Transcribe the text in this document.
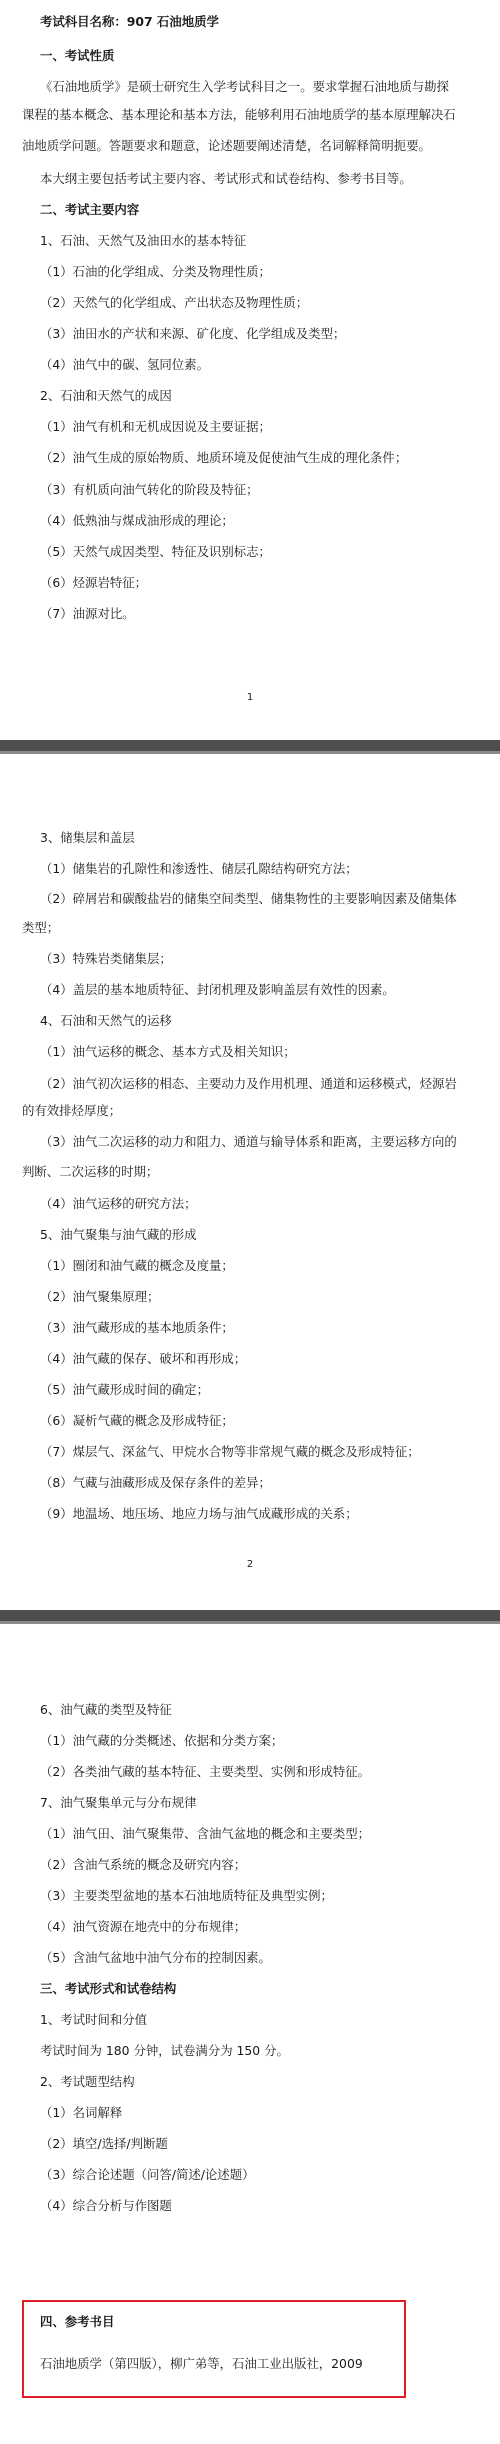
考试科目名称：907 石油地质学
一、考试性质
《石油地质学》是硕士研究生入学考试科目之一。要求掌握石油地质与勘探
课程的基本概念、基本理论和基本方法，能够利用石油地质学的基本原理解决石
油地质学问题。答题要求和题意，论述题要阐述清楚，名词解释简明扼要。
本大纲主要包括考试主要内容、考试形式和试卷结构、参考书目等。
二、考试主要内容
1、石油、天然气及油田水的基本特征
（1）石油的化学组成、分类及物理性质；
（2）天然气的化学组成、产出状态及物理性质；
（3）油田水的产状和来源、矿化度、化学组成及类型；
（4）油气中的碳、氢同位素。
2、石油和天然气的成因
（1）油气有机和无机成因说及主要证据；
（2）油气生成的原始物质、地质环境及促使油气生成的理化条件；
（3）有机质向油气转化的阶段及特征；
（4）低熟油与煤成油形成的理论；
（5）天然气成因类型、特征及识别标志；
（6）烃源岩特征；
（7）油源对比。
1
3、储集层和盖层
（1）储集岩的孔隙性和渗透性、储层孔隙结构研究方法；
（2）碎屑岩和碳酸盐岩的储集空间类型、储集物性的主要影响因素及储集体
类型；
（3）特殊岩类储集层；
（4）盖层的基本地质特征、封闭机理及影响盖层有效性的因素。
4、石油和天然气的运移
（1）油气运移的概念、基本方式及相关知识；
（2）油气初次运移的相态、主要动力及作用机理、通道和运移模式，烃源岩
的有效排烃厚度；
（3）油气二次运移的动力和阻力、通道与输导体系和距离，主要运移方向的
判断、二次运移的时期；
（4）油气运移的研究方法；
5、油气聚集与油气藏的形成
（1）圈闭和油气藏的概念及度量；
（2）油气聚集原理；
（3）油气藏形成的基本地质条件；
（4）油气藏的保存、破坏和再形成；
（5）油气藏形成时间的确定；
（6）凝析气藏的概念及形成特征；
（7）煤层气、深盆气、甲烷水合物等非常规气藏的概念及形成特征；
（8）气藏与油藏形成及保存条件的差异；
（9）地温场、地压场、地应力场与油气成藏形成的关系；
2
6、油气藏的类型及特征
（1）油气藏的分类概述、依据和分类方案；
（2）各类油气藏的基本特征、主要类型、实例和形成特征。
7、油气聚集单元与分布规律
（1）油气田、油气聚集带、含油气盆地的概念和主要类型；
（2）含油气系统的概念及研究内容；
（3）主要类型盆地的基本石油地质特征及典型实例；
（4）油气资源在地壳中的分布规律；
（5）含油气盆地中油气分布的控制因素。
三、考试形式和试卷结构
1、考试时间和分值
考试时间为 180 分钟，试卷满分为 150 分。
2、考试题型结构
（1）名词解释
（2）填空/选择/判断题
（3）综合论述题（问答/简述/论述题）
（4）综合分析与作图题
四、参考书目
石油地质学（第四版），柳广弟等，石油工业出版社，2009
